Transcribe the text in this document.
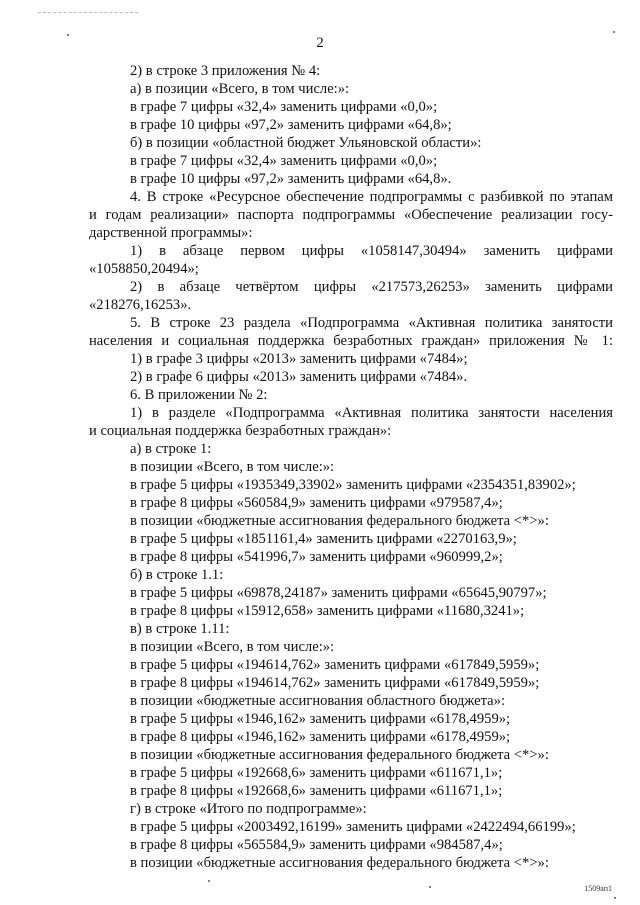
2
2) в строке 3 приложения № 4:
а) в позиции «Всего, в том числе:»:
в графе 7 цифры «32,4» заменить цифрами «0,0»;
в графе 10 цифры «97,2» заменить цифрами «64,8»;
б) в позиции «областной бюджет Ульяновской области»:
в графе 7 цифры «32,4» заменить цифрами «0,0»;
в графе 10 цифры «97,2» заменить цифрами «64,8».
4. В строке «Ресурсное обеспечение подпрограммы с разбивкой по этапам
и годам реализации» паспорта подпрограммы «Обеспечение реализации госу-
дарственной программы»:
1) в абзаце первом цифры «1058147,30494» заменить цифрами
«1058850,20494»;
2) в абзаце четвёртом цифры «217573,26253» заменить цифрами
«218276,16253».
5. В строке 23 раздела «Подпрограмма «Активная политика занятости
населения и социальная поддержка безработных граждан» приложения № 1:
1) в графе 3 цифры «2013» заменить цифрами «7484»;
2) в графе 6 цифры «2013» заменить цифрами «7484».
6. В приложении № 2:
1) в разделе «Подпрограмма «Активная политика занятости населения
и социальная поддержка безработных граждан»:
а) в строке 1:
в позиции «Всего, в том числе:»:
в графе 5 цифры «1935349,33902» заменить цифрами «2354351,83902»;
в графе 8 цифры «560584,9» заменить цифрами «979587,4»;
в позиции «бюджетные ассигнования федерального бюджета <*>»:
в графе 5 цифры «1851161,4» заменить цифрами «2270163,9»;
в графе 8 цифры «541996,7» заменить цифрами «960999,2»;
б) в строке 1.1:
в графе 5 цифры «69878,24187» заменить цифрами «65645,90797»;
в графе 8 цифры «15912,658» заменить цифрами «11680,3241»;
в) в строке 1.11:
в позиции «Всего, в том числе:»:
в графе 5 цифры «194614,762» заменить цифрами «617849,5959»;
в графе 8 цифры «194614,762» заменить цифрами «617849,5959»;
в позиции «бюджетные ассигнования областного бюджета»:
в графе 5 цифры «1946,162» заменить цифрами «6178,4959»;
в графе 8 цифры «1946,162» заменить цифрами «6178,4959»;
в позиции «бюджетные ассигнования федерального бюджета <*>»:
в графе 5 цифры «192668,6» заменить цифрами «611671,1»;
в графе 8 цифры «192668,6» заменить цифрами «611671,1»;
г) в строке «Итого по подпрограмме»:
в графе 5 цифры «2003492,16199» заменить цифрами «2422494,66199»;
в графе 8 цифры «565584,9» заменить цифрами «984587,4»;
в позиции «бюджетные ассигнования федерального бюджета <*>»:
1509ап1
